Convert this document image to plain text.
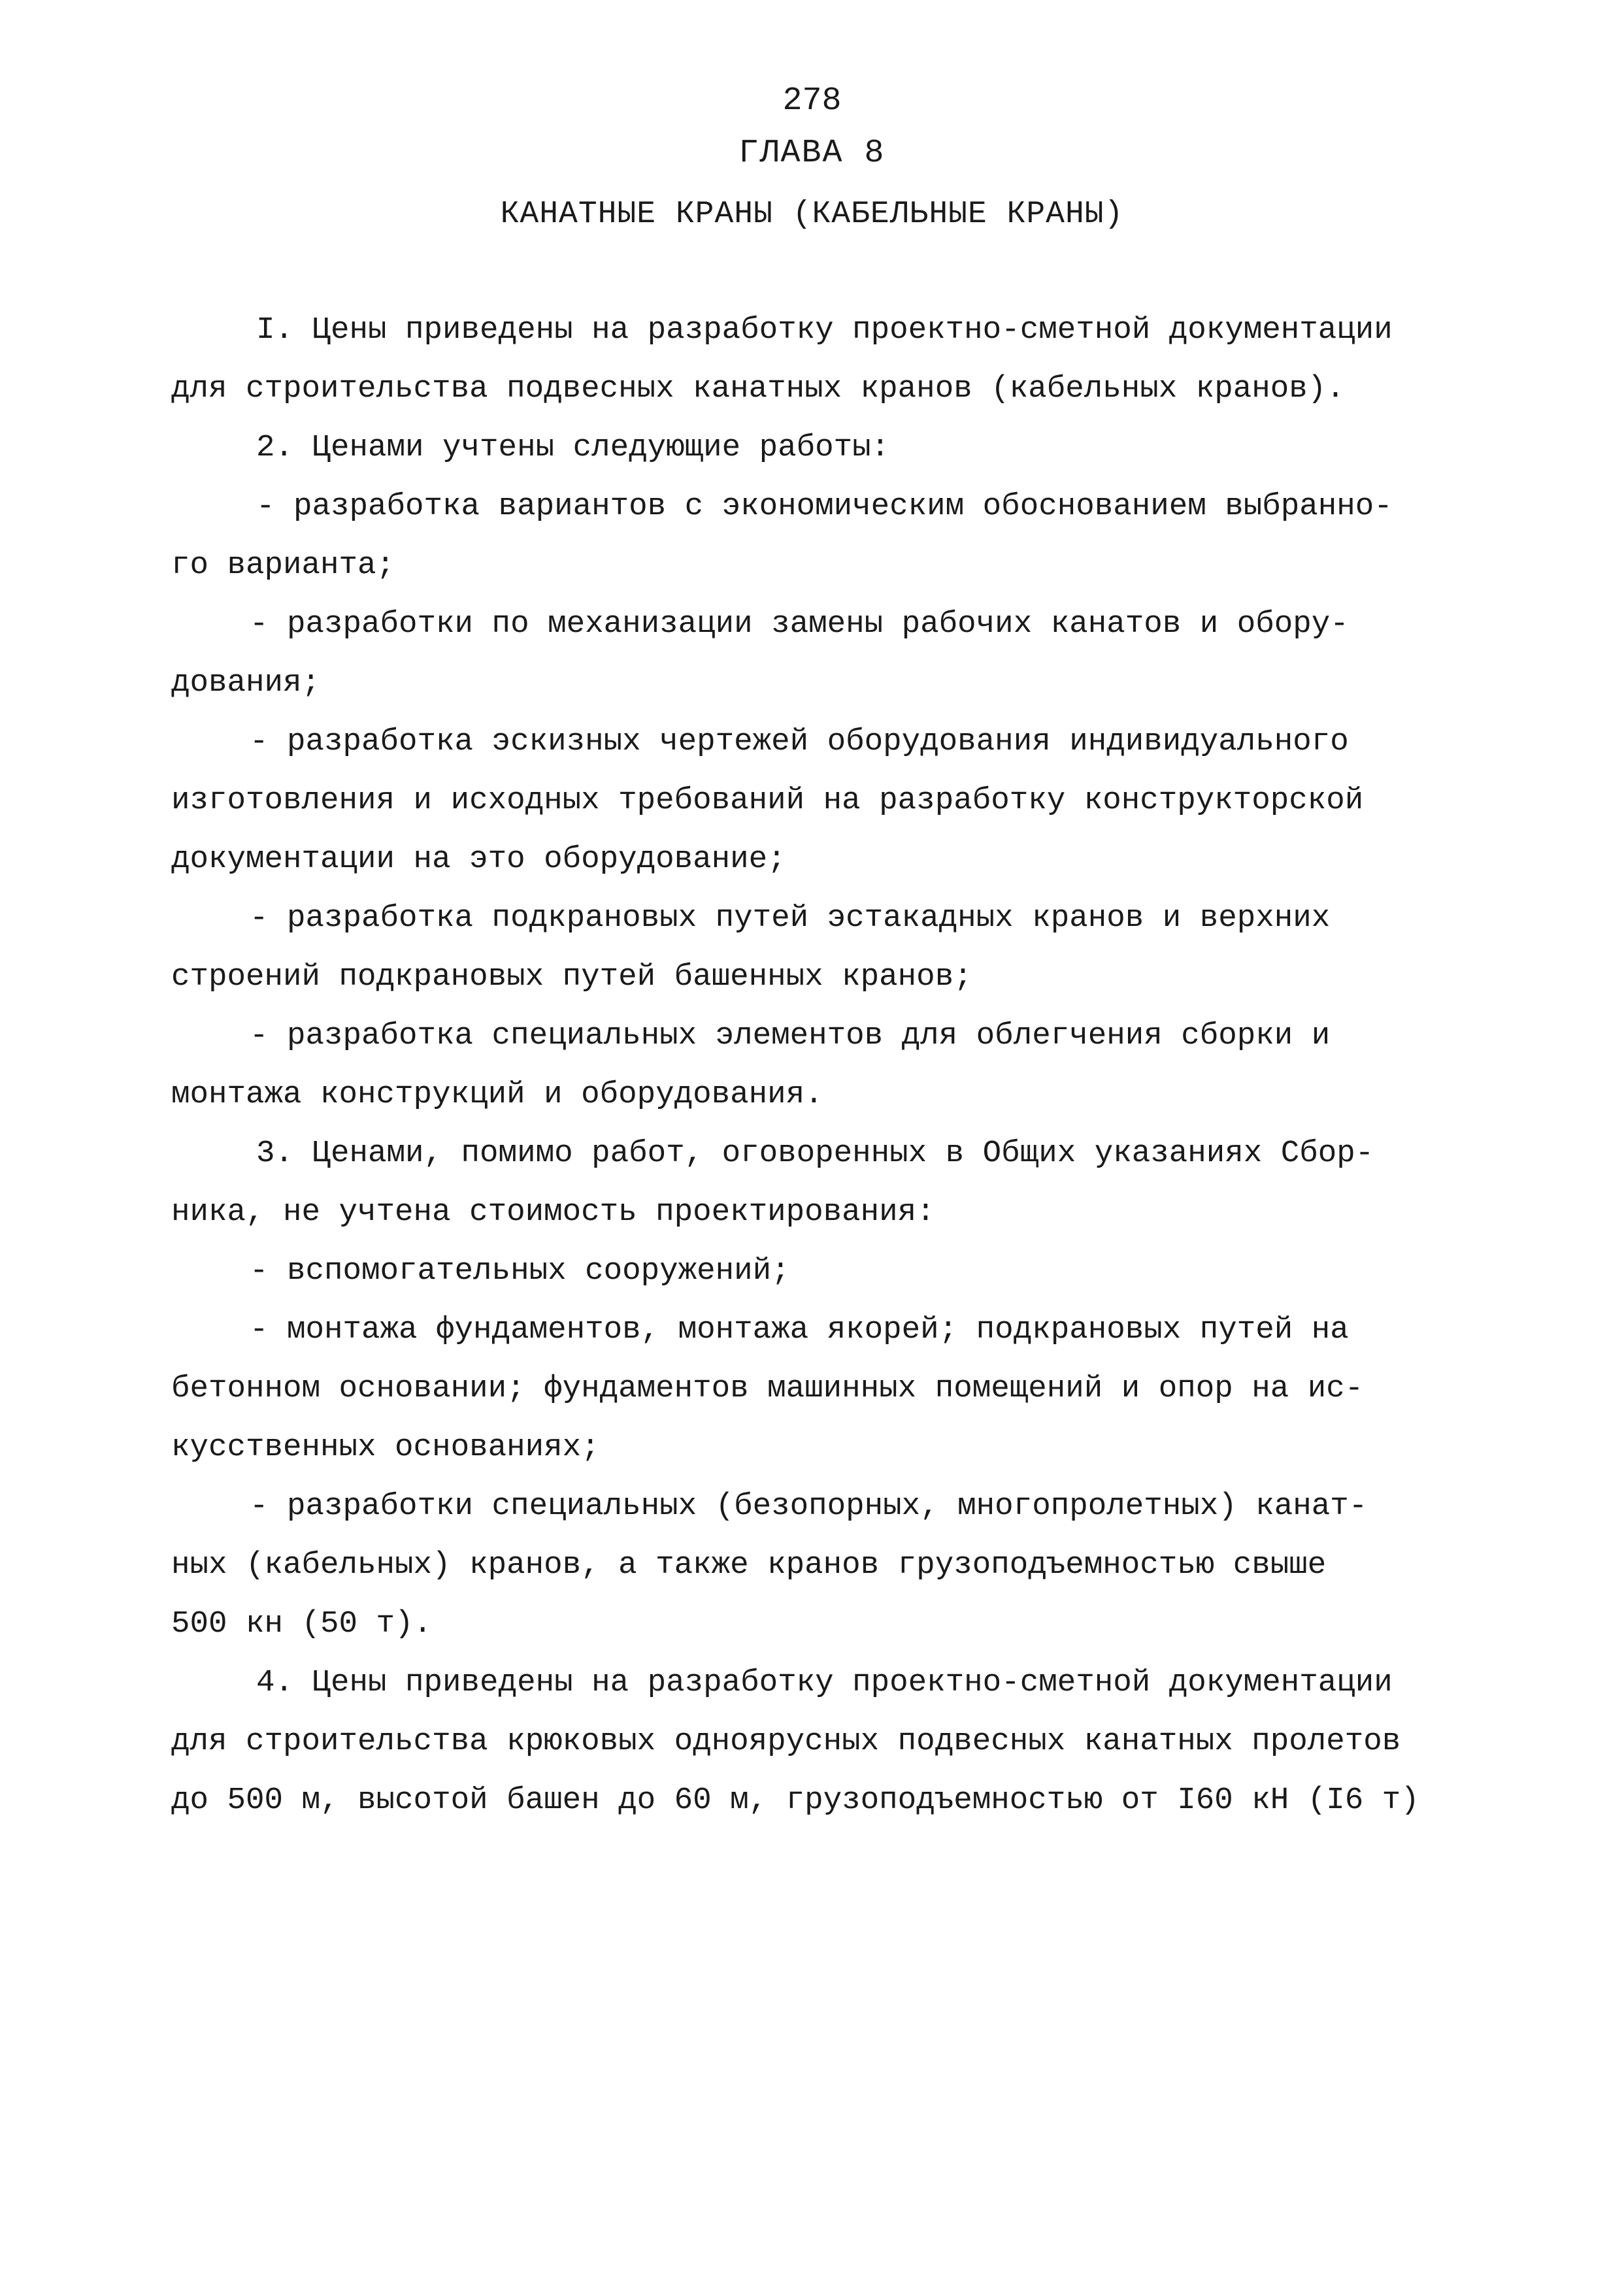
278

ГЛАВА 8

КАНАТНЫЕ КРАНЫ (КАБЕЛЬНЫЕ КРАНЫ)

I. Цены приведены на разработку проектно-сметной документации

для строительства подвесных канатных кранов (кабельных кранов).

2. Ценами учтены следующие работы:

- разработка вариантов с экономическим обоснованием выбранно-

го варианта;

- разработки по механизации замены рабочих канатов и обору-

дования;

- разработка эскизных чертежей оборудования индивидуального

изготовления и исходных требований на разработку конструкторской

документации на это оборудование;

- разработка подкрановых путей эстакадных кранов и верхних

строений подкрановых путей башенных кранов;

- разработка специальных элементов для облегчения сборки и

монтажа конструкций и оборудования.

3. Ценами, помимо работ, оговоренных в Общих указаниях Сбор-

ника, не учтена стоимость проектирования:

- вспомогательных сооружений;

- монтажа фундаментов, монтажа якорей; подкрановых путей на

бетонном основании; фундаментов машинных помещений и опор на ис-

кусственных основаниях;

- разработки специальных (безопорных, многопролетных) канат-

ных (кабельных) кранов, а также кранов грузоподъемностью свыше

500 кн (50 т).

4. Цены приведены на разработку проектно-сметной документации

для строительства крюковых одноярусных подвесных канатных пролетов

до 500 м, высотой башен до 60 м, грузоподъемностью от I60 кН (I6 т)
